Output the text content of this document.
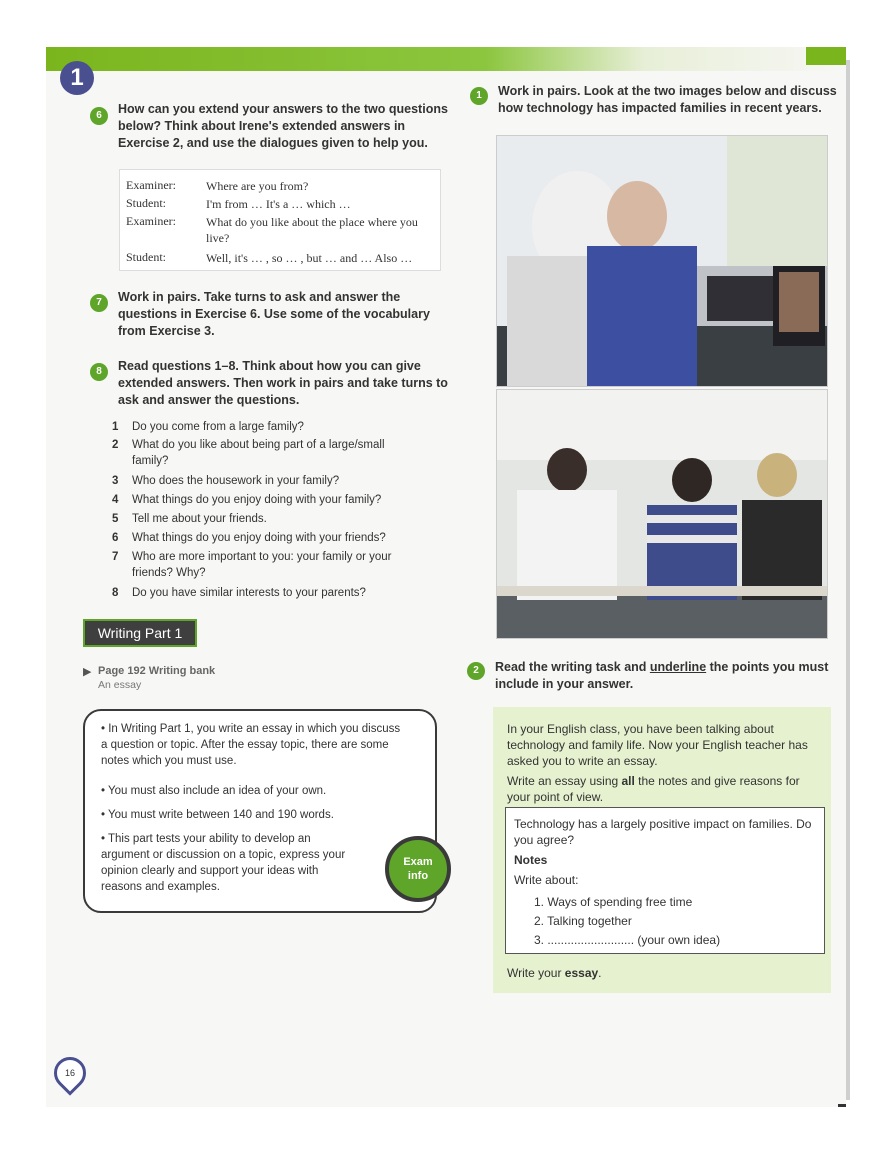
1
6	How can you extend your answers to the two questions
below? Think about Irene's extended answers in
Exercise 2, and use the dialogues given to help you.
Examiner:	Where are you from?
Student:	I'm from … It's a … which …
Examiner:	What do you like about the place where you live?
Student:	Well, it's … , so … , but … and … Also …
7	Work in pairs. Take turns to ask and answer the
questions in Exercise 6. Use some of the vocabulary
from Exercise 3.
8	Read questions 1–8. Think about how you can give
extended answers. Then work in pairs and take turns to
ask and answer the questions.
1 Do you come from a large family?
2 What do you like about being part of a large/small family?
3 Who does the housework in your family?
4 What things do you enjoy doing with your family?
5 Tell me about your friends.
6 What things do you enjoy doing with your friends?
7 Who are more important to you: your family or your friends? Why?
8 Do you have similar interests to your parents?
Writing Part 1
▶ Page 192 Writing bank
An essay
• In Writing Part 1, you write an essay in which you discuss a question or topic. After the essay topic, there are some notes which you must use.
• You must also include an idea of your own.
• You must write between 140 and 190 words.
• This part tests your ability to develop an argument or discussion on a topic, express your opinion clearly and support your ideas with reasons and examples.
Exam
info
16
1	Work in pairs. Look at the two images below and discuss
how technology has impacted families in recent years.
2	Read the writing task and underline the points you must
include in your answer.
In your English class, you have been talking about technology and family life. Now your English teacher has asked you to write an essay.
Write an essay using all the notes and give reasons for your point of view.
Technology has a largely positive impact on families. Do you agree?
Notes
Write about:
1. Ways of spending free time
2. Talking together
3. .......................... (your own idea)
Write your essay.
